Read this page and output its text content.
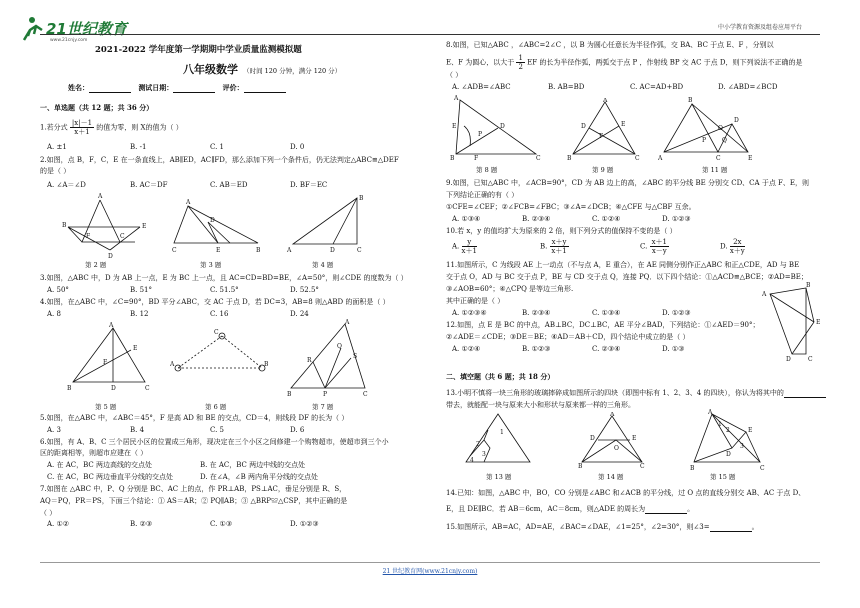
21世纪教育
www.21cnjy.com
中小学教育资源及组卷应用平台
2021-2022 学年度第一学期期中学业质量监测模拟题
八年级数学 （时间 120 分钟，满分 120 分）
姓名：	测试日期：	评价：
一、单选题（共 12 题；共 36 分）
1.若分式 $\frac{|x|-1}{x+1}$ 的值为零，则 X的值为（ ）
A. ±1	B. -1	C. 1	D. 0
2.如图，点 B，F，C，E 在一条直线上，AB∥ED，AC∥FD，那么添加下列一个条件后，仍无法判定△ABC≌△DEF
的是（ ）
A. ∠A＝∠D	B. AC＝DF	C. AB＝ED	D. BF＝EC
A
B
F	C
E
D
A
D
B
E
C
B
A	D	C
第 2 题	第 3 题	第 4 题
3.如图，△ABC 中，D 为 AB 上一点，E 为 BC 上一点，且 AC=CD=BD=BE，∠A=50°，则∠CDE 的度数为（ ）
A. 50°	B. 51°	C. 51.5°	D. 52.5°
4.如图，在△ABC 中，∠C=90°，BD 平分∠ABC，交 AC 于点 D，若 DC=3，AB=8 则△ABD 的面积是（ ）
A. 8	B. 12	C. 16	D. 24
A
E
F
B	D	C
C
A	B
A
R
S
B
Q
P	C
第 5 题	第 6 题	第 7 题
5.如图，在△ABC 中，∠ABC＝45°，F 是高 AD 和 BE 的交点，CD＝4，则线段 DF 的长为（ ）
A. 3	B. 4	C. 5	D. 6
6.如图，有 A、B、C 三个居民小区的位置成三角形，现决定在三个小区之间修建一个购物超市，使超市到三个小
区的距离相等，则超市应建在（ ）
A. 在 AC，BC 两边高线的交点处	B. 在 AC，BC 两边中线的交点处
C. 在 AC，BC 两边垂直平分线的交点处	D. 在∠A，∠B 两内角平分线的交点处
7.如图在 △ABC 中，P、Q 分别是 BC、AC 上的点，作 PR⊥AB，PS⊥AC，垂足分别是 R、S，
AQ＝PQ，PR＝PS，下面三个结论：① AS＝AR；② PQ∥AB；③ △BRP≌△CSP，其中正确的是
（ ）
A. ①②	B. ②③	C. ①③	D. ①②③
8.如图，已知△ABC ，∠ABC=2∠C ，以 B 为圆心任意长为半径作弧，交 BA、BC 于点 E、F ，分别以
E、F 为圆心，以大于 $\frac{1}{2}$ EF 的长为半径作弧，两弧交于点 P ，作射线 BP 交 AC 于点 D，则下列说法不正确的是
（ ）
A. ∠ADB=∠ABC	B. AB=BD	C. AC=AD+BD	D. ∠ABD=∠BCD
A
E	D
P
B	F	C
A
D	E
F
B	C
B
D
O
P	Q
A	C	E
第 8 题	第 9 题	第 11 题
9.如图，已知△ABC 中，∠ACB=90°，CD 为 AB 边上的高，∠ABC 的平分线 BE 分别交 CD、CA 于点 F、E，则
下列结论正确的有（ ）
①CFE=∠CEF；②∠FCB=∠FBC；③∠A=∠DCB；④△CFE 与△CBF 互余。
A. ①③④	B. ②③④	C. ①②④	D. ①②③
10.若 x，y 的值均扩大为原来的 2 倍，则下列分式的值保持不变的是（ ）
A. $\frac{y}{x+1}$	B. $\frac{x+y}{x+1}$	C. $\frac{x+1}{x-y}$	D. $\frac{2x}{x+y}$
11.如图所示，C 为线段 AE 上一动点（不与点 A，E 重合），在 AE 同侧分别作正△ABC 和正△CDE，AD 与 BE
交于点 O，AD 与 BC 交于点 P，BE 与 CD 交于点 Q，连接 PQ．以下四个结论：①△ACD≌△BCE；②AD=BE；
③∠AOB=60°；④△CPQ 是等边三角形.
其中正确的是（ ）
A. ①②③④	B. ②③④	C. ①③④	D. ①②③
A
B
E
D	C
12.如图，点 E 是 BC 的中点，AB⊥BC，DC⊥BC，AE 平分∠BAD，下列结论：①∠AED＝90°；
②∠ADE＝∠CDE；③DE＝BE；④AD＝AB＋CD，四个结论中成立的是（ ）
A. ①②④	B. ①②③	C. ②③④	D. ①③
二、填空题（共 6 题；共 18 分）
13.小明不慎将一块三角形的玻璃摔碎成如图所示的四块（即图中标有 1、2、3、4 的四块），你认为将其中的
带去，就能配一块与原来大小和形状与原来都一样的三角形。
1
2
3
4
A
D
O
E
B	C
A
1
2	E
D
3
B	C
第 13 题	第 14 题	第 15 题
14.已知：如图，△ABC 中，BO，CO 分别是∠ABC 和∠ACB 的平分线，过 O 点的直线分别交 AB、AC 于点 D、
E，且 DE∥BC．若 AB＝6cm，AC＝8cm，则△ADE 的周长为	。
15.如图所示，AB=AC，AD=AE，∠BAC=∠DAE，∠1=25°，∠2=30°，则∠3=	。
21 世纪教育网(www.21cnjy.com)
